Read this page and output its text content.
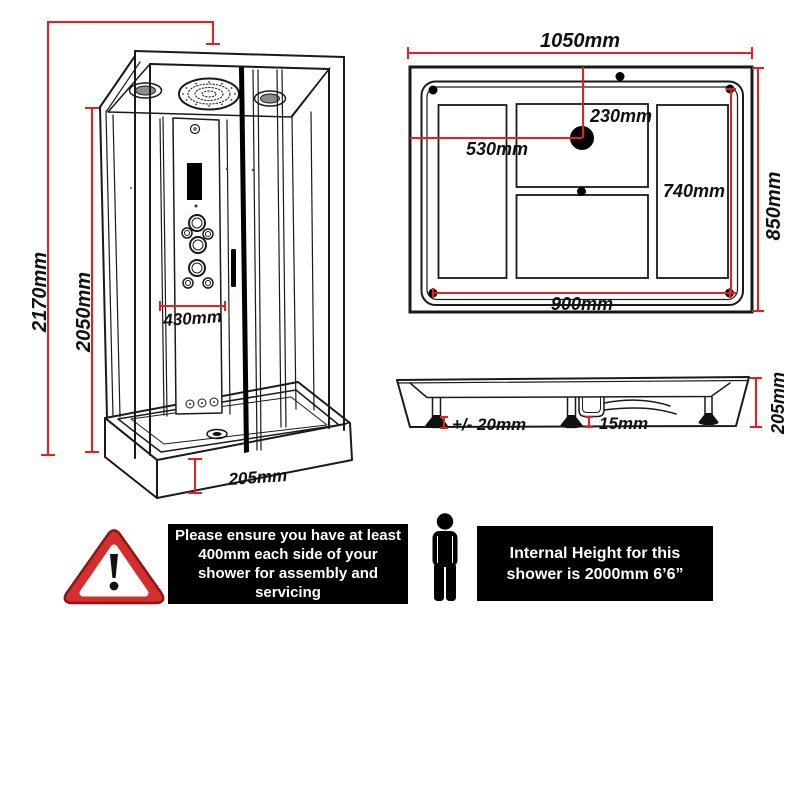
2170mm 2050mm	430mm
205mm
1050mm
850mm
530mm
230mm
740mm
900mm
+/- 20mm	15mm	205mm
Please ensure you have at least
400mm each side of your
shower for assembly and
servicing
Internal Height for this
shower is 2000mm 6’6”
